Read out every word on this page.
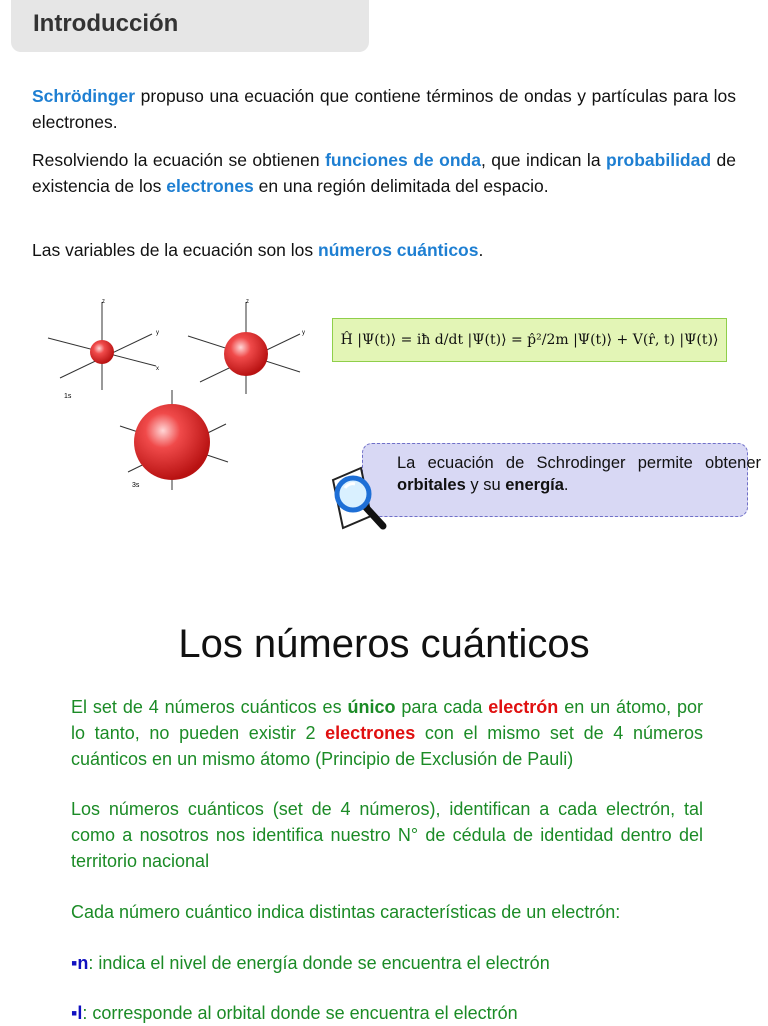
Introducción
Schrödinger propuso una ecuación que contiene términos de ondas y partículas para los electrones.
Resolviendo la ecuación se obtienen funciones de onda, que indican la probabilidad de existencia de los electrones en una región delimitada del espacio.
Las variables de la ecuación son los números cuánticos.
z
y
x
1s
z
y
3s
Ĥ |Ψ(t)⟩ = iħ d/dt |Ψ(t)⟩ = p̂²/2m |Ψ(t)⟩ + V(r̂, t) |Ψ(t)⟩
La ecuación de Schrodinger permite obtener orbitales y su energía.
Los números cuánticos
El set de 4 números cuánticos es único para cada electrón en un átomo, por lo tanto, no pueden existir 2 electrones con el mismo set de 4 números cuánticos en un mismo átomo (Principio de Exclusión de Pauli)
Los números cuánticos (set de 4 números), identifican a cada electrón, tal como a nosotros nos identifica nuestro N° de cédula de identidad dentro del territorio nacional
Cada número cuántico indica distintas características de un electrón:
▪n: indica el nivel de energía donde se encuentra el electrón
▪l: corresponde al orbital donde se encuentra el electrón
